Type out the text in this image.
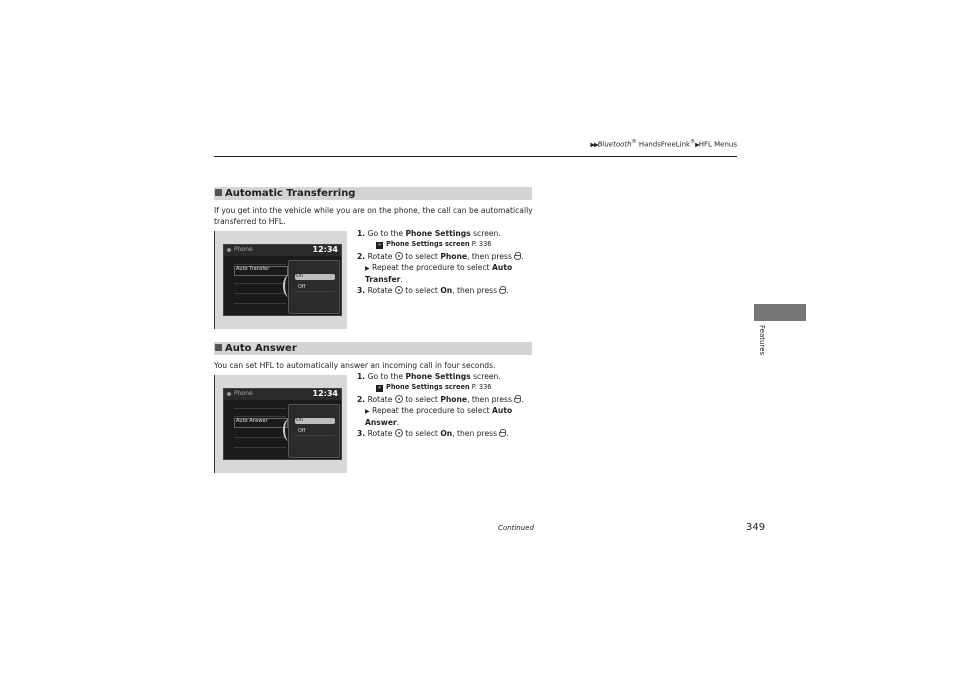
▶▶Bluetooth® HandsFreeLink®▶HFL Menus
Automatic Transferring
If you get into the vehicle while you are on the phone, the call can be automatically transferred to HFL.
Phone	12:34
Auto Transfer
On
Off

1. Go to the Phone Settings screen.

» Phone Settings screen P. 336

2. Rotate  to select Phone, then press .

▶ Repeat the procedure to select Auto Transfer.

3. Rotate  to select On, then press .

Auto Answer
You can set HFL to automatically answer an incoming call in four seconds.
Phone	12:34
Auto Answer	On
Off

1. Go to the Phone Settings screen.

» Phone Settings screen P. 336

2. Rotate  to select Phone, then press .

▶ Repeat the procedure to select Auto Answer.

3. Rotate  to select On, then press .

Features
Continued	349
